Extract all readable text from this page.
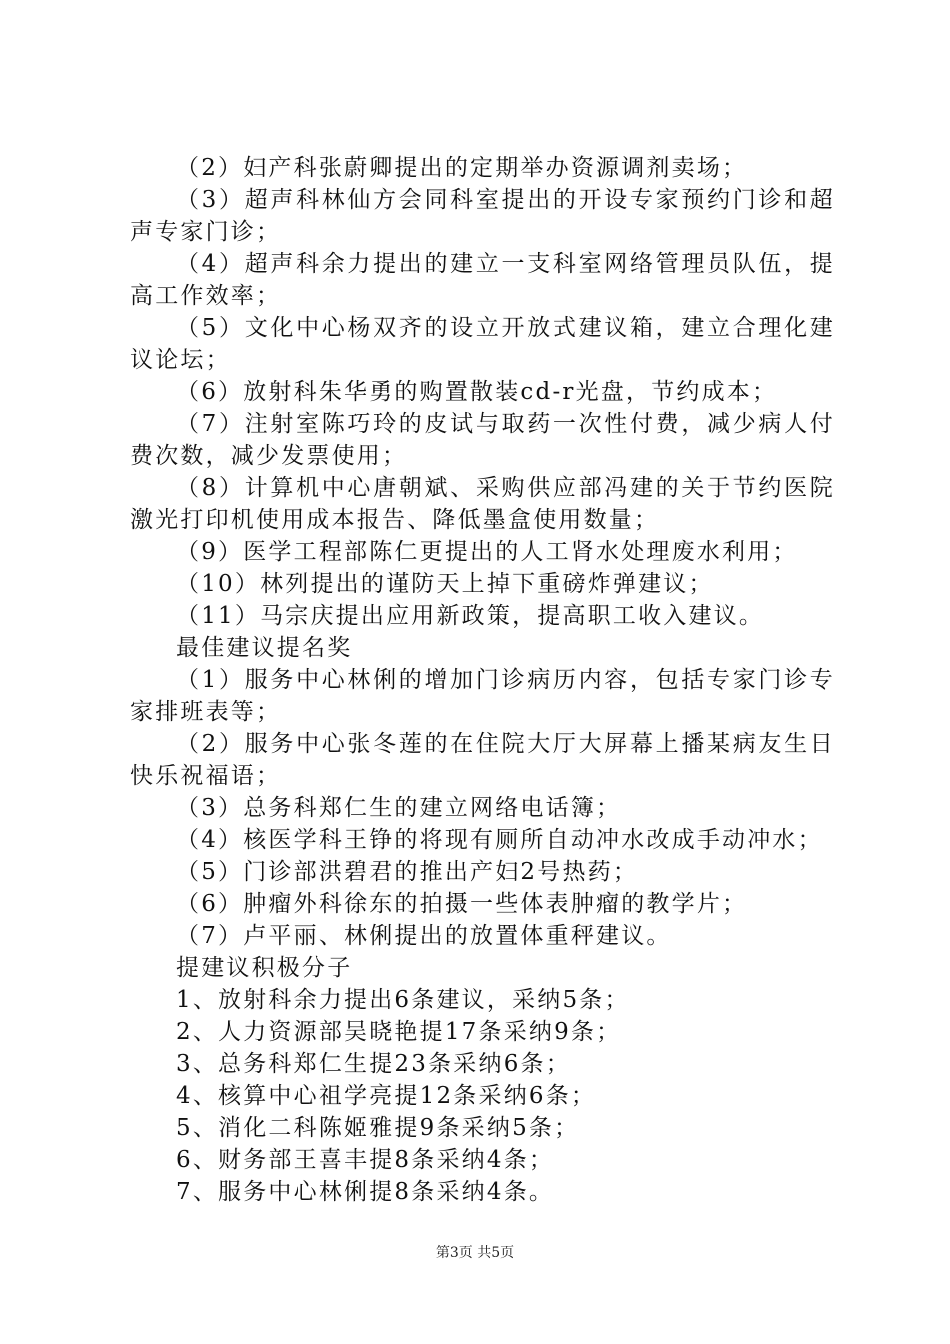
（2）妇产科张蔚卿提出的定期举办资源调剂卖场；

（3）超声科林仙方会同科室提出的开设专家预约门诊和超声专家门诊；

（4）超声科余力提出的建立一支科室网络管理员队伍，提高工作效率；

（5）文化中心杨双齐的设立开放式建议箱，建立合理化建议论坛；

（6）放射科朱华勇的购置散装cd-r光盘，节约成本；

（7）注射室陈巧玲的皮试与取药一次性付费，减少病人付费次数，减少发票使用；

（8）计算机中心唐朝斌、采购供应部冯建的关于节约医院激光打印机使用成本报告、降低墨盒使用数量；

（9）医学工程部陈仁更提出的人工肾水处理废水利用；

（10）林列提出的谨防天上掉下重磅炸弹建议；

（11）马宗庆提出应用新政策，提高职工收入建议。

最佳建议提名奖

（1）服务中心林俐的增加门诊病历内容，包括专家门诊专家排班表等；

（2）服务中心张冬莲的在住院大厅大屏幕上播某病友生日快乐祝福语；

（3）总务科郑仁生的建立网络电话簿；

（4）核医学科王铮的将现有厕所自动冲水改成手动冲水；

（5）门诊部洪碧君的推出产妇2号热药；

（6）肿瘤外科徐东的拍摄一些体表肿瘤的教学片；

（7）卢平丽、林俐提出的放置体重秤建议。

提建议积极分子

1、放射科余力提出6条建议，采纳5条；

2、人力资源部吴晓艳提17条采纳9条；

3、总务科郑仁生提23条采纳6条；

4、核算中心祖学亮提12条采纳6条；

5、消化二科陈姬雅提9条采纳5条；

6、财务部王喜丰提8条采纳4条；

7、服务中心林俐提8条采纳4条。

第3页 共5页
